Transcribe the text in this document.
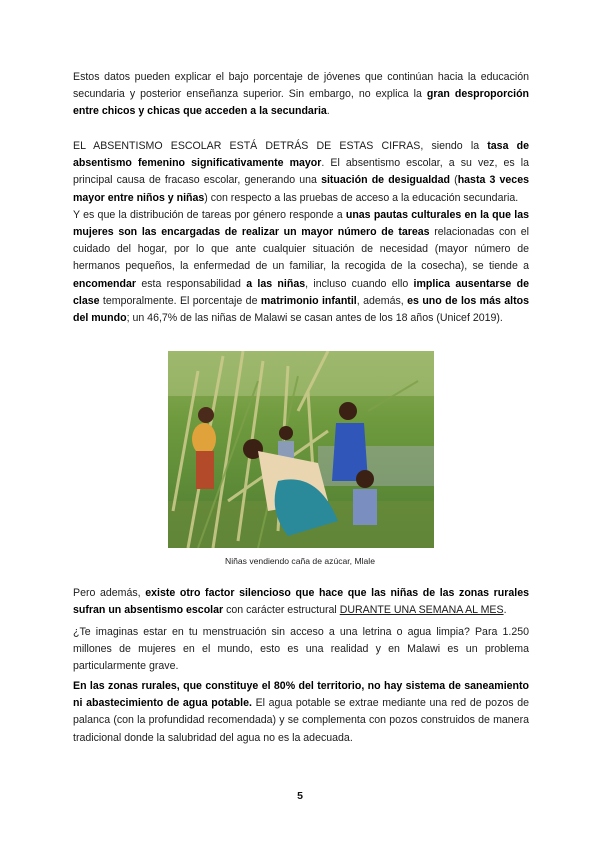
Estos datos pueden explicar el bajo porcentaje de jóvenes que continúan hacia la educación secundaria y posterior enseñanza superior. Sin embargo, no explica la gran desproporción entre chicos y chicas que acceden a la secundaria.
EL ABSENTISMO ESCOLAR ESTÁ DETRÁS DE ESTAS CIFRAS, siendo la tasa de absentismo femenino significativamente mayor. El absentismo escolar, a su vez, es la principal causa de fracaso escolar, generando una situación de desigualdad (hasta 3 veces mayor entre niños y niñas) con respecto a las pruebas de acceso a la educación secundaria.
Y es que la distribución de tareas por género responde a unas pautas culturales en la que las mujeres son las encargadas de realizar un mayor número de tareas relacionadas con el cuidado del hogar, por lo que ante cualquier situación de necesidad (mayor número de hermanos pequeños, la enfermedad de un familiar, la recogida de la cosecha), se tiende a encomendar esta responsabilidad a las niñas, incluso cuando ello implica ausentarse de clase temporalmente. El porcentaje de matrimonio infantil, además, es uno de los más altos del mundo; un 46,7% de las niñas de Malawi se casan antes de los 18 años (Unicef 2019).
Niñas vendiendo caña de azúcar, Mlale
Pero además, existe otro factor silencioso que hace que las niñas de las zonas rurales sufran un absentismo escolar con carácter estructural DURANTE UNA SEMANA AL MES.
¿Te imaginas estar en tu menstruación sin acceso a una letrina o agua limpia? Para 1.250 millones de mujeres en el mundo, esto es una realidad y en Malawi es un problema particularmente grave.
En las zonas rurales, que constituye el 80% del territorio, no hay sistema de saneamiento ni abastecimiento de agua potable. El agua potable se extrae mediante una red de pozos de palanca (con la profundidad recomendada) y se complementa con pozos construidos de manera tradicional donde la salubridad del agua no es la adecuada.
5
